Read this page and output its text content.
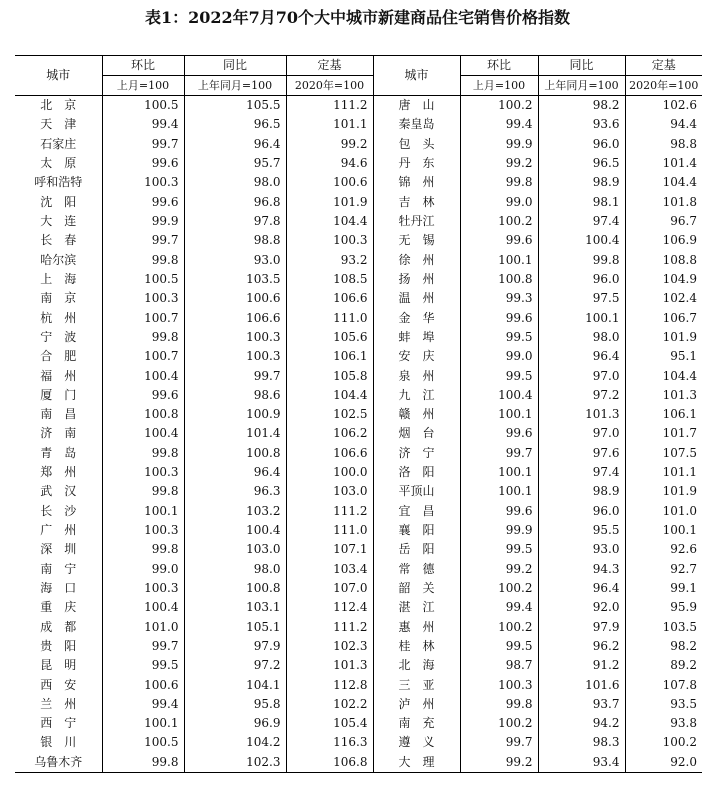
表1：2022年7月70个大中城市新建商品住宅销售价格指数
城市	环比	同比	定基	城市	环比	同比	定基
	上月=100	上年同月=100	2020年=100		上月=100	上年同月=100	2020年=100
北　京	100.5	105.5	111.2	唐　山	100.2	98.2	102.6
天　津	99.4	96.5	101.1	秦皇岛	99.4	93.6	94.4
石家庄	99.7	96.4	99.2	包　头	99.9	96.0	98.8
太　原	99.6	95.7	94.6	丹　东	99.2	96.5	101.4
呼和浩特	100.3	98.0	100.6	锦　州	99.8	98.9	104.4
沈　阳	99.6	96.8	101.9	吉　林	99.0	98.1	101.8
大　连	99.9	97.8	104.4	牡丹江	100.2	97.4	96.7
长　春	99.7	98.8	100.3	无　锡	99.6	100.4	106.9
哈尔滨	99.8	93.0	93.2	徐　州	100.1	99.8	108.8
上　海	100.5	103.5	108.5	扬　州	100.8	96.0	104.9
南　京	100.3	100.6	106.6	温　州	99.3	97.5	102.4
杭　州	100.7	106.6	111.0	金　华	99.6	100.1	106.7
宁　波	99.8	100.3	105.6	蚌　埠	99.5	98.0	101.9
合　肥	100.7	100.3	106.1	安　庆	99.0	96.4	95.1
福　州	100.4	99.7	105.8	泉　州	99.5	97.0	104.4
厦　门	99.6	98.6	104.4	九　江	100.4	97.2	101.3
南　昌	100.8	100.9	102.5	赣　州	100.1	101.3	106.1
济　南	100.4	101.4	106.2	烟　台	99.6	97.0	101.7
青　岛	99.8	100.8	106.6	济　宁	99.7	97.6	107.5
郑　州	100.3	96.4	100.0	洛　阳	100.1	97.4	101.1
武　汉	99.8	96.3	103.0	平顶山	100.1	98.9	101.9
长　沙	100.1	103.2	111.2	宜　昌	99.6	96.0	101.0
广　州	100.3	100.4	111.0	襄　阳	99.9	95.5	100.1
深　圳	99.8	103.0	107.1	岳　阳	99.5	93.0	92.6
南　宁	99.0	98.0	103.4	常　德	99.2	94.3	92.7
海　口	100.3	100.8	107.0	韶　关	100.2	96.4	99.1
重　庆	100.4	103.1	112.4	湛　江	99.4	92.0	95.9
成　都	101.0	105.1	111.2	惠　州	100.2	97.9	103.5
贵　阳	99.7	97.9	102.3	桂　林	99.5	96.2	98.2
昆　明	99.5	97.2	101.3	北　海	98.7	91.2	89.2
西　安	100.6	104.1	112.8	三　亚	100.3	101.6	107.8
兰　州	99.4	95.8	102.2	泸　州	99.8	93.7	93.5
西　宁	100.1	96.9	105.4	南　充	100.2	94.2	93.8
银　川	100.5	104.2	116.3	遵　义	99.7	98.3	100.2
乌鲁木齐	99.8	102.3	106.8	大　理	99.2	93.4	92.0
